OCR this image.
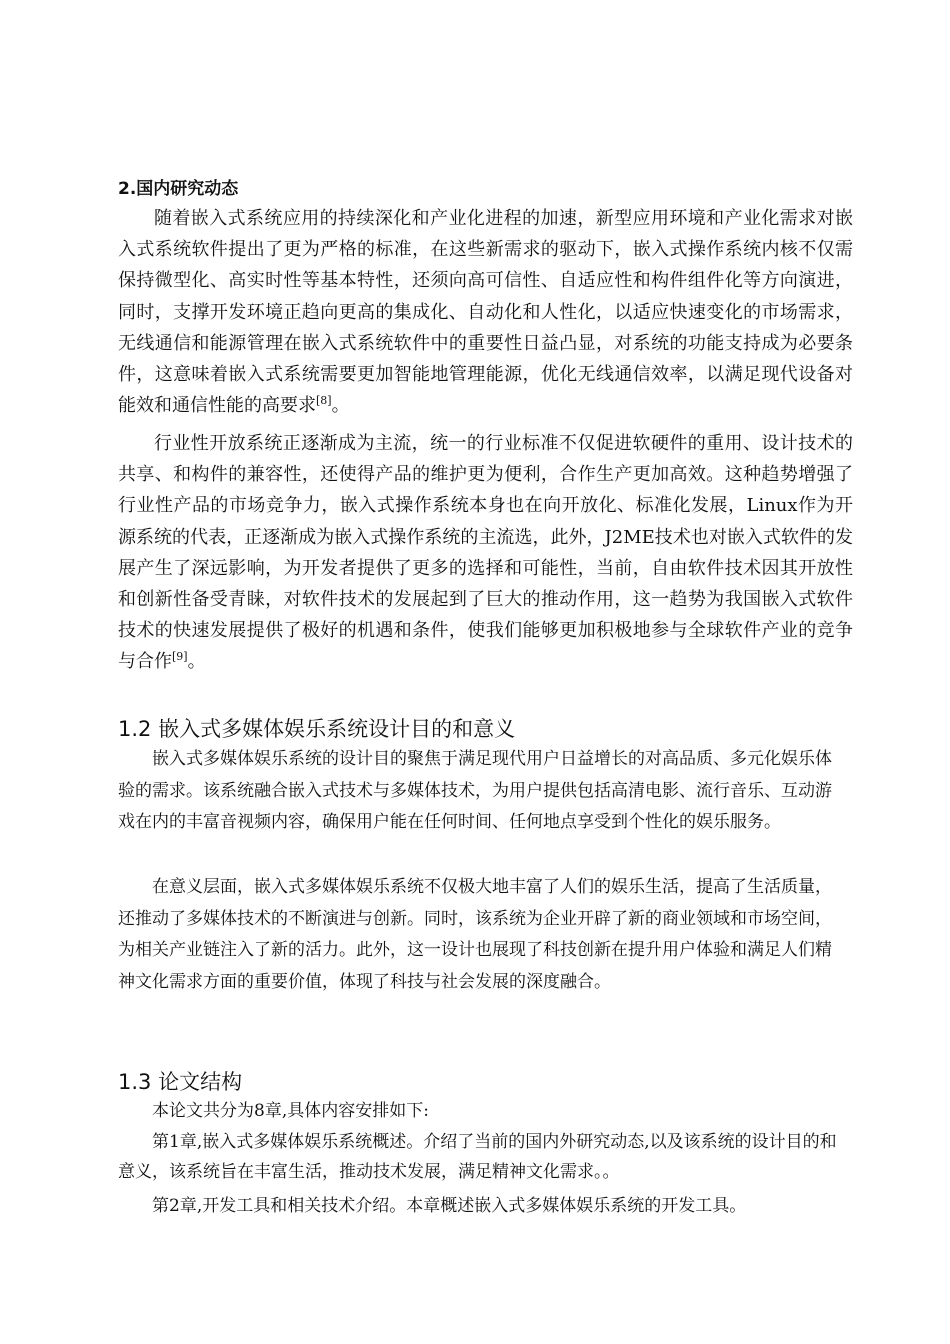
2.国内研究动态

随着嵌入式系统应用的持续深化和产业化进程的加速，新型应用环境和产业化需求对嵌入式系统软件提出了更为严格的标准，在这些新需求的驱动下，嵌入式操作系统内核不仅需保持微型化、高实时性等基本特性，还须向高可信性、自适应性和构件组件化等方向演进，同时，支撑开发环境正趋向更高的集成化、自动化和人性化，以适应快速变化的市场需求，无线通信和能源管理在嵌入式系统软件中的重要性日益凸显，对系统的功能支持成为必要条件，这意味着嵌入式系统需要更加智能地管理能源，优化无线通信效率，以满足现代设备对能效和通信性能的高要求[8]。

行业性开放系统正逐渐成为主流，统一的行业标准不仅促进软硬件的重用、设计技术的共享、和构件的兼容性，还使得产品的维护更为便利，合作生产更加高效。这种趋势增强了行业性产品的市场竞争力，嵌入式操作系统本身也在向开放化、标准化发展，Linux作为开源系统的代表，正逐渐成为嵌入式操作系统的主流选，此外，J2ME技术也对嵌入式软件的发展产生了深远影响，为开发者提供了更多的选择和可能性，当前，自由软件技术因其开放性和创新性备受青睐，对软件技术的发展起到了巨大的推动作用，这一趋势为我国嵌入式软件技术的快速发展提供了极好的机遇和条件，使我们能够更加积极地参与全球软件产业的竞争与合作[9]。

1.2 嵌入式多媒体娱乐系统设计目的和意义

嵌入式多媒体娱乐系统的设计目的聚焦于满足现代用户日益增长的对高品质、多元化娱乐体验的需求。该系统融合嵌入式技术与多媒体技术，为用户提供包括高清电影、流行音乐、互动游戏在内的丰富音视频内容，确保用户能在任何时间、任何地点享受到个性化的娱乐服务。

在意义层面，嵌入式多媒体娱乐系统不仅极大地丰富了人们的娱乐生活，提高了生活质量，还推动了多媒体技术的不断演进与创新。同时，该系统为企业开辟了新的商业领域和市场空间，为相关产业链注入了新的活力。此外，这一设计也展现了科技创新在提升用户体验和满足人们精神文化需求方面的重要价值，体现了科技与社会发展的深度融合。

1.3 论文结构

本论文共分为8章,具体内容安排如下:

第1章,嵌入式多媒体娱乐系统概述。介绍了当前的国内外研究动态,以及该系统的设计目的和意义，该系统旨在丰富生活，推动技术发展，满足精神文化需求。。

第2章,开发工具和相关技术介绍。本章概述嵌入式多媒体娱乐系统的开发工具。
